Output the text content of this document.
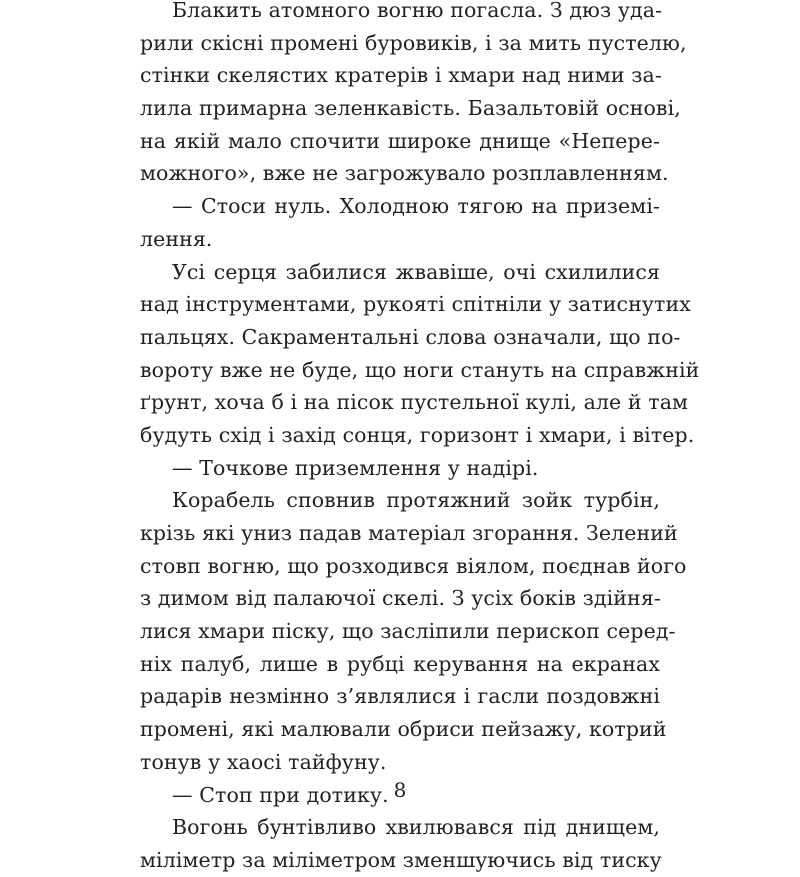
Блакить атомного вогню погасла. З дюз уда-
рили скісні промені буровиків, і за мить пустелю,
стінки скелястих кратерів і хмари над ними за-
лила примарна зеленкавість. Базальтовій основі,
на якій мало спочити широке днище «Непере-
можного», вже не загрожувало розплавленням.
— Стоси нуль. Холодною тягою на приземі-
лення.
Усі серця забилися жвавіше, очі схилилися
над інструментами, рукояті спітніли у затиснутих
пальцях. Сакраментальні слова означали, що по-
вороту вже не буде, що ноги стануть на справжній
ґрунт, хоча б і на пісок пустельної кулі, але й там
будуть схід і захід сонця, горизонт і хмари, і вітер.
— Точкове приземлення у надірі.
Корабель сповнив протяжний зойк турбін,
крізь які униз падав матеріал згорання. Зелений
стовп вогню, що розходився віялом, поєднав його
з димом від палаючої скелі. З усіх боків здійня-
лися хмари піску, що засліпили перископ серед-
ніх палуб, лише в рубці керування на екранах
радарів незмінно з’являлися і гасли поздовжні
промені, які малювали обриси пейзажу, котрий
тонув у хаосі тайфуну.
— Стоп при дотику.
Вогонь бунтівливо хвилювався під днищем,
міліметр за міліметром зменшуючись від тиску
8
